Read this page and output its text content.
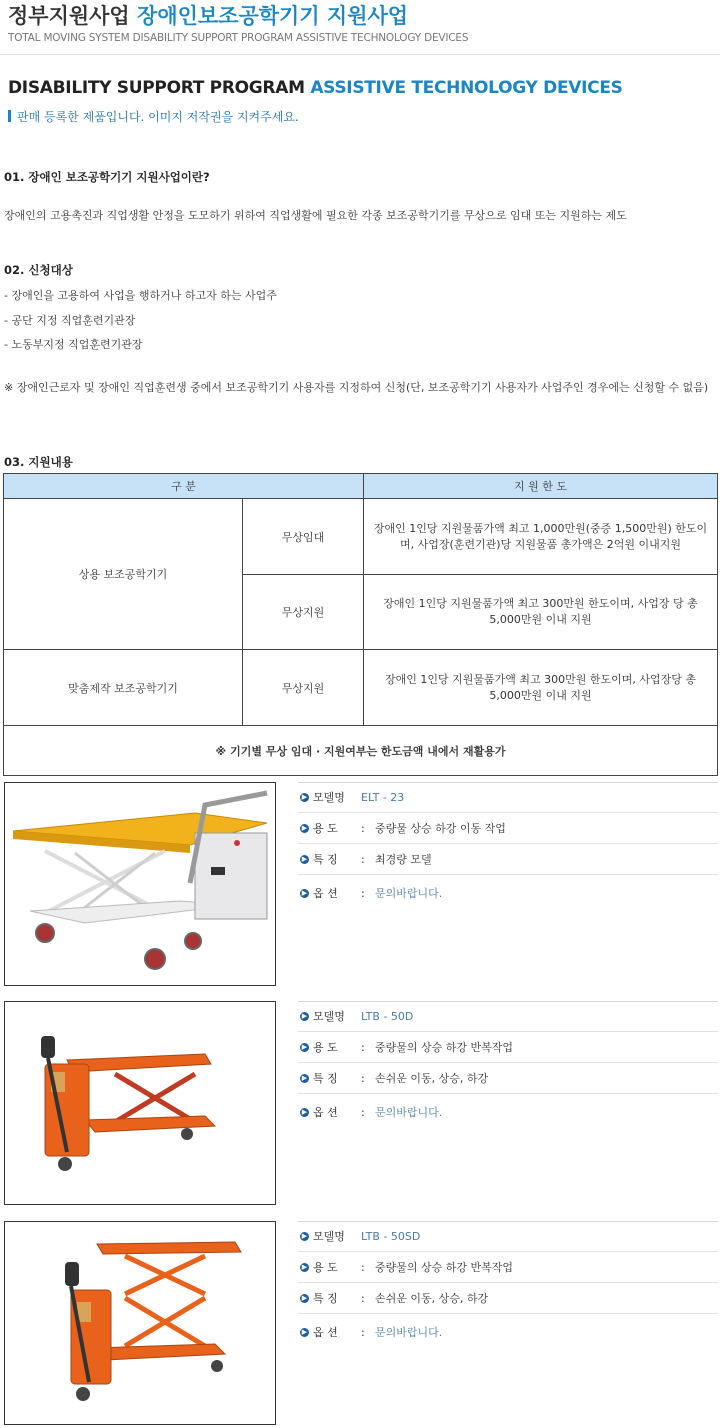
정부지원사업 장애인보조공학기기 지원사업
TOTAL MOVING SYSTEM DISABILITY SUPPORT PROGRAM ASSISTIVE TECHNOLOGY DEVICES
DISABILITY SUPPORT PROGRAM ASSISTIVE TECHNOLOGY DEVICES
판매 등록한 제품입니다. 이미지 저작권을 지켜주세요.
01. 장애인 보조공학기기 지원사업이란?
장애인의 고용촉진과 직업생활 안정을 도모하기 위하여 직업생활에 필요한 각종 보조공학기기를 무상으로 임대 또는 지원하는 제도
02. 신청대상
- 장애인을 고용하여 사업을 행하거나 하고자 하는 사업주
- 공단 지정 직업훈련기관장
- 노동부지정 직업훈련기관장
※ 장애인근로자 및 장애인 직업훈련생 중에서 보조공학기기 사용자를 지정하여 신청(단, 보조공학기기 사용자가 사업주인 경우에는 신청할 수 없음)
03. 지원내용
구 분		지 원 한 도
상용 보조공학기기	무상임대	장애인 1인당 지원물품가액 최고 1,000만원(중증 1,500만원) 한도이며, 사업장(훈련기관)당 지원물품 총가액은 2억원 이내지원
	무상지원	장애인 1인당 지원물품가액 최고 300만원 한도이며, 사업장 당 총 5,000만원 이내 지원
맞춤제작 보조공학기기	무상지원	장애인 1인당 지원물품가액 최고 300만원 한도이며, 사업장당 총 5,000만원 이내 지원
※ 기기별 무상 임대 · 지원여부는 한도금액 내에서 재활용가		
▶ 모델명	ELT - 23
▶ 용 도	: 중량물 상승 하강 이동 작업
▶ 특 징	: 최경량 모델
▶ 옵 션	: 문의바랍니다.
▶ 모델명	LTB - 50D
▶ 용 도	: 중량물의 상승 하강 반복작업
▶ 특 징	: 손쉬운 이동, 상승, 하강
▶ 옵 션	: 문의바랍니다.
▶ 모델명	LTB - 50SD
▶ 용 도	: 중량물의 상승 하강 반복작업
▶ 특 징	: 손쉬운 이동, 상승, 하강
▶ 옵 션	: 문의바랍니다.
